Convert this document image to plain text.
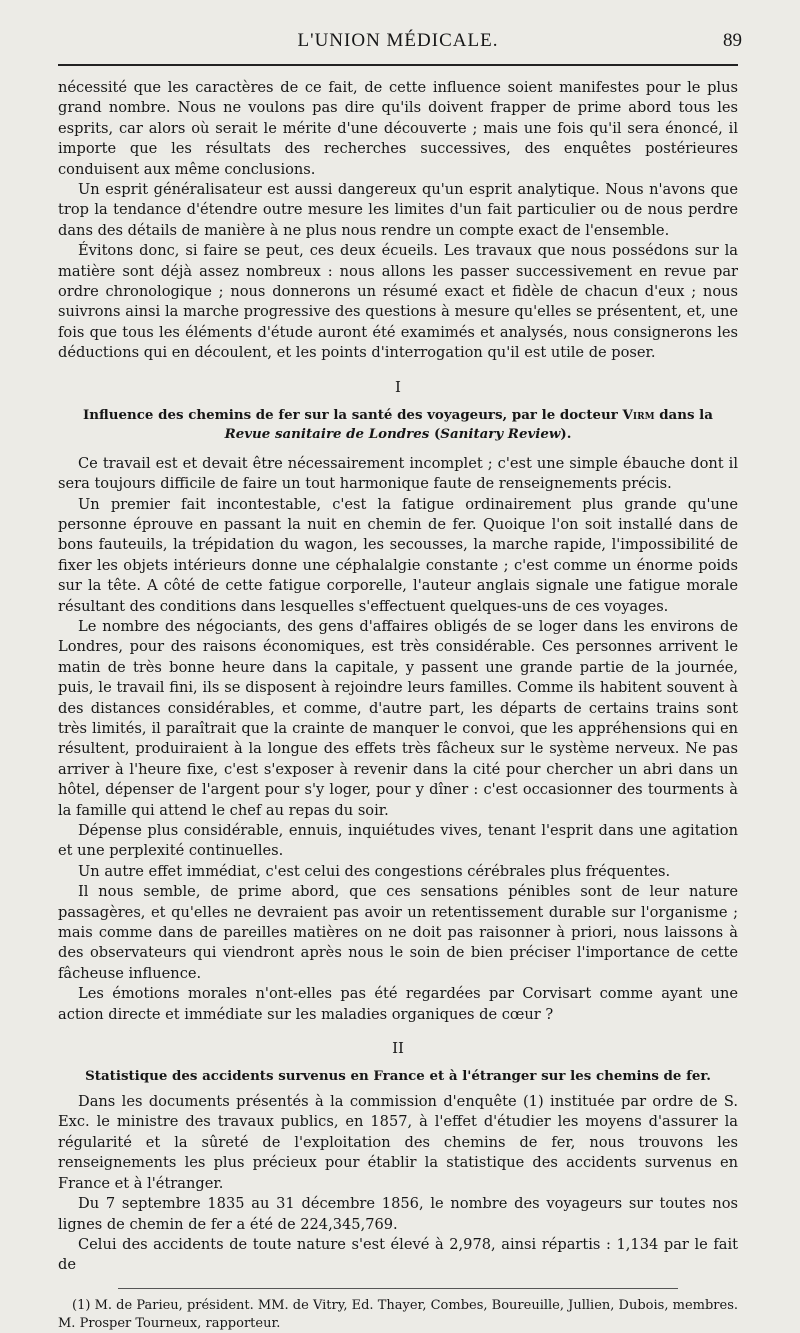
L'UNION MÉDICALE.	89

nécessité que les caractères de ce fait, de cette influence soient manifestes pour le plus grand nombre. Nous ne voulons pas dire qu'ils doivent frapper de prime abord tous les esprits, car alors où serait le mérite d'une découverte ; mais une fois qu'il sera énoncé, il importe que les résultats des recherches successives, des enquêtes postérieures conduisent aux même conclusions.

Un esprit généralisateur est aussi dangereux qu'un esprit analytique. Nous n'avons que trop la tendance d'étendre outre mesure les limites d'un fait particulier ou de nous perdre dans des détails de manière à ne plus nous rendre un compte exact de l'ensemble.

Évitons donc, si faire se peut, ces deux écueils. Les travaux que nous possédons sur la matière sont déjà assez nombreux : nous allons les passer successivement en revue par ordre chronologique ; nous donnerons un résumé exact et fidèle de chacun d'eux ; nous suivrons ainsi la marche progressive des questions à mesure qu'elles se présentent, et, une fois que tous les éléments d'étude auront été examimés et analysés, nous consignerons les déductions qui en découlent, et les points d'interrogation qu'il est utile de poser.

I
Influence des chemins de fer sur la santé des voyageurs, par le docteur Virm dans la Revue sanitaire de Londres (Sanitary Review).

Ce travail est et devait être nécessairement incomplet ; c'est une simple ébauche dont il sera toujours difficile de faire un tout harmonique faute de renseignements précis.

Un premier fait incontestable, c'est la fatigue ordinairement plus grande qu'une personne éprouve en passant la nuit en chemin de fer. Quoique l'on soit installé dans de bons fauteuils, la trépidation du wagon, les secousses, la marche rapide, l'impossibilité de fixer les objets intérieurs donne une céphalalgie constante ; c'est comme un énorme poids sur la tête. A côté de cette fatigue corporelle, l'auteur anglais signale une fatigue morale résultant des conditions dans lesquelles s'effectuent quelques-uns de ces voyages.

Le nombre des négociants, des gens d'affaires obligés de se loger dans les environs de Londres, pour des raisons économiques, est très considérable. Ces personnes arrivent le matin de très bonne heure dans la capitale, y passent une grande partie de la journée, puis, le travail fini, ils se disposent à rejoindre leurs familles. Comme ils habitent souvent à des distances considérables, et comme, d'autre part, les départs de certains trains sont très limités, il paraîtrait que la crainte de manquer le convoi, que les appréhensions qui en résultent, produiraient à la longue des effets très fâcheux sur le système nerveux. Ne pas arriver à l'heure fixe, c'est s'exposer à revenir dans la cité pour chercher un abri dans un hôtel, dépenser de l'argent pour s'y loger, pour y dîner : c'est occasionner des tourments à la famille qui attend le chef au repas du soir.

Dépense plus considérable, ennuis, inquiétudes vives, tenant l'esprit dans une agitation et une perplexité continuelles.

Un autre effet immédiat, c'est celui des congestions cérébrales plus fréquentes.

Il nous semble, de prime abord, que ces sensations pénibles sont de leur nature passagères, et qu'elles ne devraient pas avoir un retentissement durable sur l'organisme ; mais comme dans de pareilles matières on ne doit pas raisonner à priori, nous laissons à des observateurs qui viendront après nous le soin de bien préciser l'importance de cette fâcheuse influence.

Les émotions morales n'ont-elles pas été regardées par Corvisart comme ayant une action directe et immédiate sur les maladies organiques de cœur ?

II
Statistique des accidents survenus en France et à l'étranger sur les chemins de fer.

Dans les documents présentés à la commission d'enquête (1) instituée par ordre de S. Exc. le ministre des travaux publics, en 1857, à l'effet d'étudier les moyens d'assurer la régularité et la sûreté de l'exploitation des chemins de fer, nous trouvons les renseignements les plus précieux pour établir la statistique des accidents survenus en France et à l'étranger.

Du 7 septembre 1835 au 31 décembre 1856, le nombre des voyageurs sur toutes nos lignes de chemin de fer a été de 224,345,769.

Celui des accidents de toute nature s'est élevé à 2,978, ainsi répartis : 1,134 par le fait de

(1) M. de Parieu, président. MM. de Vitry, Ed. Thayer, Combes, Boureuille, Jullien, Dubois, membres. M. Prosper Tourneux, rapporteur.
